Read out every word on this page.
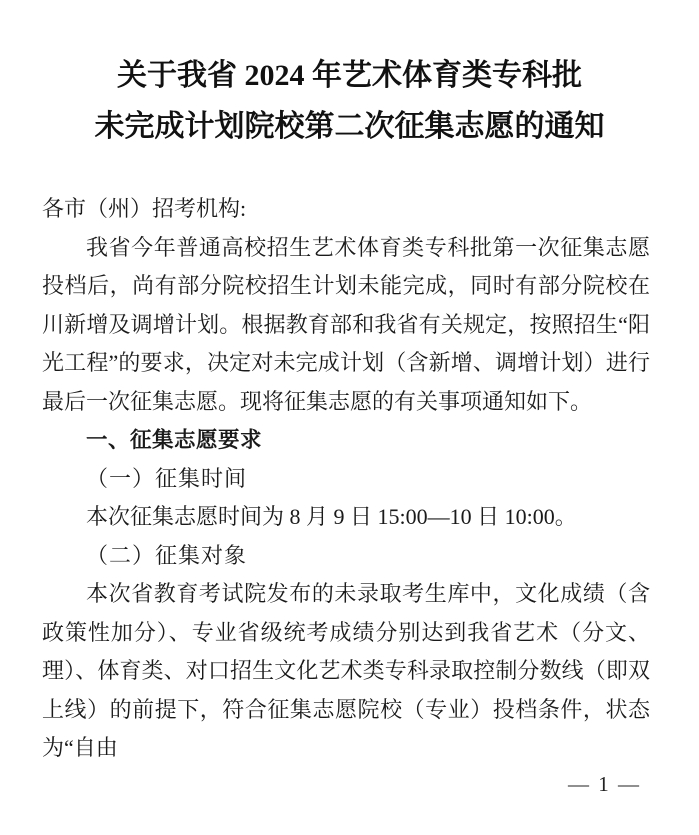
关于我省 2024 年艺术体育类专科批
未完成计划院校第二次征集志愿的通知

各市（州）招考机构:

我省今年普通高校招生艺术体育类专科批第一次征集志愿投档后，尚有部分院校招生计划未能完成，同时有部分院校在川新增及调增计划。根据教育部和我省有关规定，按照招生“阳光工程”的要求，决定对未完成计划（含新增、调增计划）进行最后一次征集志愿。现将征集志愿的有关事项通知如下。

一、征集志愿要求

（一）征集时间

本次征集志愿时间为 8 月 9 日 15:00—10 日 10:00。

（二）征集对象

本次省教育考试院发布的未录取考生库中，文化成绩（含政策性加分）、专业省级统考成绩分别达到我省艺术（分文、理）、体育类、对口招生文化艺术类专科录取控制分数线（即双上线）的前提下，符合征集志愿院校（专业）投档条件，状态为“自由

— 1 —
